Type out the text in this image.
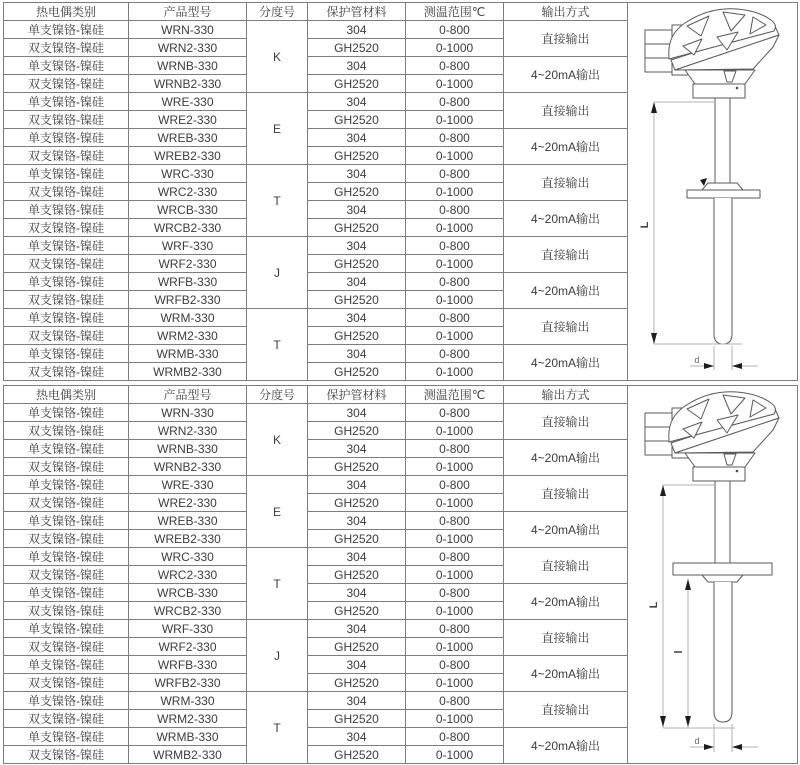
热电偶类别	产品型号	分度号	保护管材料	测温范围℃	输出方式	
单支镍铬-镍硅	WRN-330	K	304	0-800	直接输出	
双支镍铬-镍硅	WRN2-330		GH2520	0-1000		
单支镍铬-镍硅	WRNB-330		304	0-800	4~20mA输出	
双支镍铬-镍硅	WRNB2-330		GH2520	0-1000		
单支镍铬-镍硅	WRE-330	E	304	0-800	直接输出	
双支镍铬-镍硅	WRE2-330		GH2520	0-1000		
单支镍铬-镍硅	WREB-330		304	0-800	4~20mA输出	
双支镍铬-镍硅	WREB2-330		GH2520	0-1000		
单支镍铬-镍硅	WRC-330	T	304	0-800	直接输出	
双支镍铬-镍硅	WRC2-330		GH2520	0-1000		
单支镍铬-镍硅	WRCB-330		304	0-800	4~20mA输出	
双支镍铬-镍硅	WRCB2-330		GH2520	0-1000		
单支镍铬-镍硅	WRF-330	J	304	0-800	直接输出	
双支镍铬-镍硅	WRF2-330		GH2520	0-1000		
单支镍铬-镍硅	WRFB-330		304	0-800	4~20mA输出	
双支镍铬-镍硅	WRFB2-330		GH2520	0-1000		
单支镍铬-镍硅	WRM-330	T	304	0-800	直接输出	
双支镍铬-镍硅	WRM2-330		GH2520	0-1000		
单支镍铬-镍硅	WRMB-330		304	0-800	4~20mA输出	
双支镍铬-镍硅	WRMB2-330		GH2520	0-1000		
L
d
热电偶类别	产品型号	分度号	保护管材料	测温范围℃	输出方式	
单支镍铬-镍硅	WRN-330	K	304	0-800	直接输出	
双支镍铬-镍硅	WRN2-330		GH2520	0-1000		
单支镍铬-镍硅	WRNB-330		304	0-800	4~20mA输出	
双支镍铬-镍硅	WRNB2-330		GH2520	0-1000		
单支镍铬-镍硅	WRE-330	E	304	0-800	直接输出	
双支镍铬-镍硅	WRE2-330		GH2520	0-1000		
单支镍铬-镍硅	WREB-330		304	0-800	4~20mA输出	
双支镍铬-镍硅	WREB2-330		GH2520	0-1000		
单支镍铬-镍硅	WRC-330	T	304	0-800	直接输出	
双支镍铬-镍硅	WRC2-330		GH2520	0-1000		
单支镍铬-镍硅	WRCB-330		304	0-800	4~20mA输出	
双支镍铬-镍硅	WRCB2-330		GH2520	0-1000		
单支镍铬-镍硅	WRF-330	J	304	0-800	直接输出	
双支镍铬-镍硅	WRF2-330		GH2520	0-1000		
单支镍铬-镍硅	WRFB-330		304	0-800	4~20mA输出	
双支镍铬-镍硅	WRFB2-330		GH2520	0-1000		
单支镍铬-镍硅	WRM-330	T	304	0-800	直接输出	
双支镍铬-镍硅	WRM2-330		GH2520	0-1000		
单支镍铬-镍硅	WRMB-330		304	0-800	4~20mA输出	
双支镍铬-镍硅	WRMB2-330		GH2520	0-1000		
L
l
d
